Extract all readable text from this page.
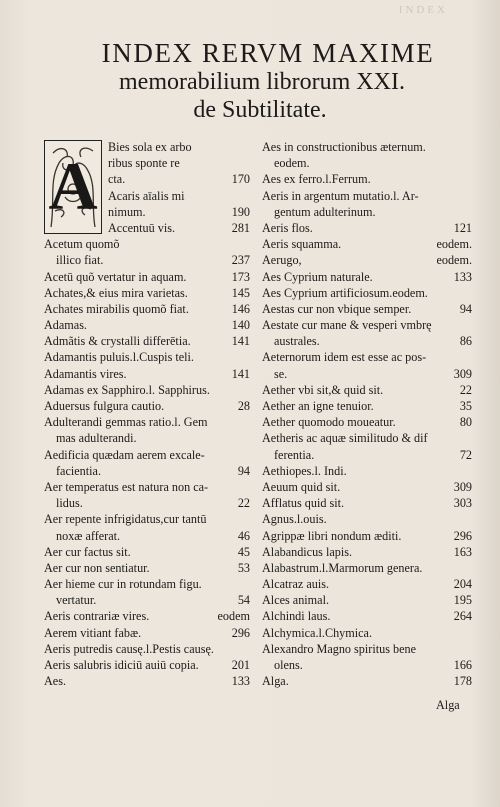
INDEX
INDEX RERVM MAXIME
memorabilium librorum XXI.
de Subtilitate.
A
Bies sola ex arbo
ribus sponte re
cta.	170
Acaris aīalis mi
nimum.	190
Accentuū vis.	281
Acetum quomõ
illico fiat.	237
Acetū quõ vertatur in aquam.	173
Achates,& eius mira varietas.	145
Achates mirabilis quomõ fiat.	146
Adamas.	140
Admãtis & crystalli differētia.	141
Adamantis puluis.l.Cuspis teli.
Adamantis vires.	141
Adamas ex Sapphiro.l. Sapphirus.
Aduersus fulgura cautio.	28
Adulterandi gemmas ratio.l. Gem
mas adulterandi.
Aedificia quædam aerem excale-
facientia.	94
Aer temperatus est natura non ca-
lidus.	22
Aer repente infrigidatus,cur tantū
noxæ afferat.	46
Aer cur factus sit.	45
Aer cur non sentiatur.	53
Aer hieme cur in rotundam figu.
vertatur.	54
Aeris contrariæ vires.	eodem
Aerem vitiant fabæ.	296
Aeris putredis causę.l.Pestis causę.
Aeris salubris idiciū auiū copia.	201
Aes.	133
Aes in constructionibus æternum.
eodem.
Aes ex ferro.l.Ferrum.
Aeris in argentum mutatio.l. Ar-
gentum adulterinum.
Aeris flos.	121
Aeris squamma.	eodem.
Aerugo,	eodem.
Aes Cyprium naturale.	133
Aes Cyprium artificiosum.eodem.
Aestas cur non vbique semper.	94
Aestate cur mane & vesperi vmbrę
australes.	86
Aeternorum idem est esse ac pos-
se.	309
Aether vbi sit,& quid sit.	22
Aether an igne tenuior.	35
Aether quomodo moueatur.	80
Aetheris ac aquæ similitudo & dif
ferentia.	72
Aethiopes.l. Indi.
Aeuum quid sit.	309
Afflatus quid sit.	303
Agnus.l.ouis.
Agrippæ libri nondum æditi.	296
Alabandicus lapis.	163
Alabastrum.l.Marmorum genera.
Alcatraz auis.	204
Alces animal.	195
Alchindi laus.	264
Alchymica.l.Chymica.
Alexandro Magno spiritus bene
olens.	166
Alga.	178
Alga
